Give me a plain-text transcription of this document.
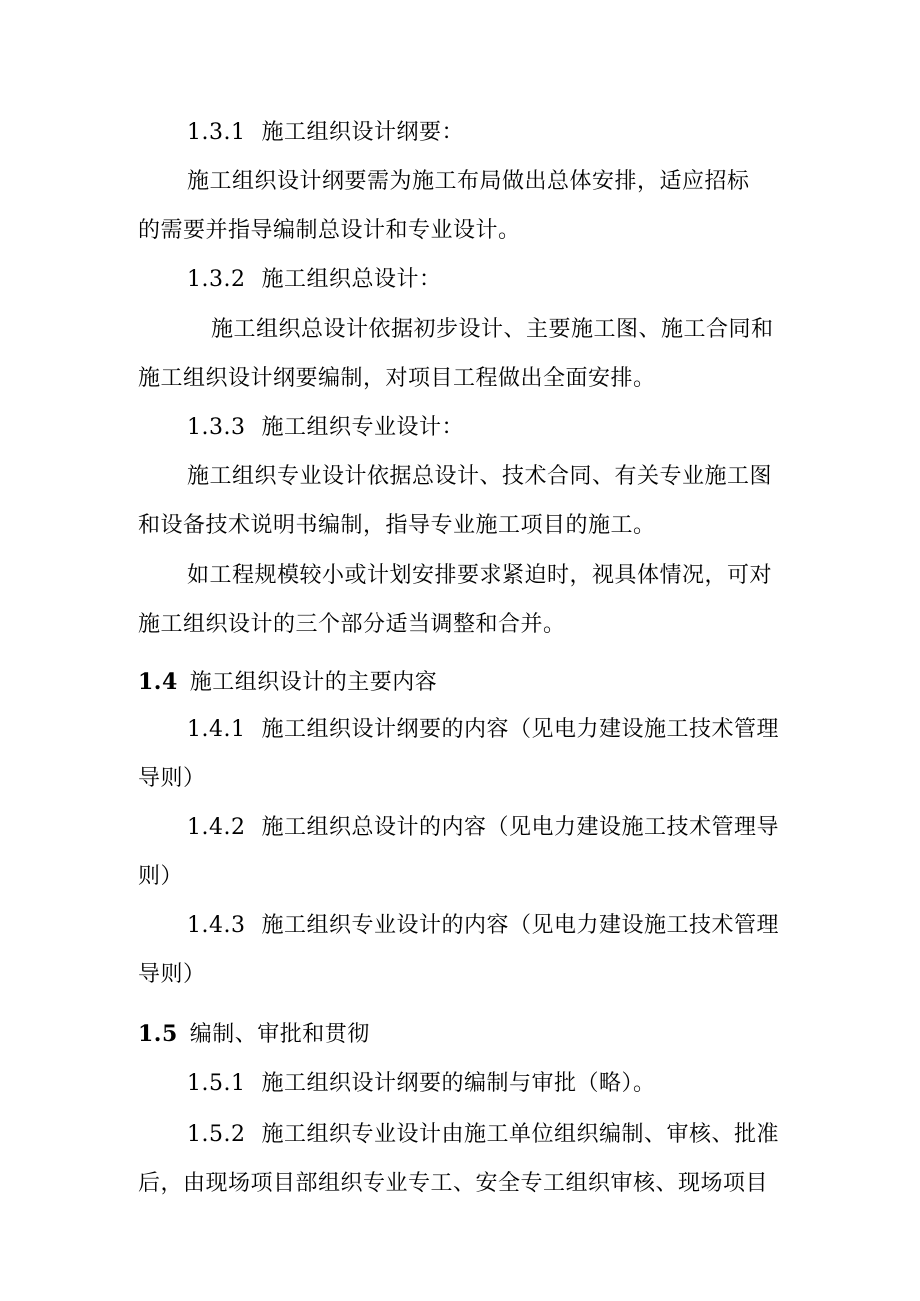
1.3.1 施工组织设计纲要：
施工组织设计纲要需为施工布局做出总体安排，适应招标
的需要并指导编制总设计和专业设计。
1.3.2 施工组织总设计：
施工组织总设计依据初步设计、主要施工图、施工合同和
施工组织设计纲要编制，对项目工程做出全面安排。
1.3.3 施工组织专业设计：
施工组织专业设计依据总设计、技术合同、有关专业施工图
和设备技术说明书编制，指导专业施工项目的施工。
如工程规模较小或计划安排要求紧迫时，视具体情况，可对
施工组织设计的三个部分适当调整和合并。
1.4 施工组织设计的主要内容
1.4.1 施工组织设计纲要的内容（见电力建设施工技术管理
导则）
1.4.2 施工组织总设计的内容（见电力建设施工技术管理导
则）
1.4.3 施工组织专业设计的内容（见电力建设施工技术管理
导则）
1.5 编制、审批和贯彻
1.5.1 施工组织设计纲要的编制与审批（略）。
1.5.2 施工组织专业设计由施工单位组织编制、审核、批准
后，由现场项目部组织专业专工、安全专工组织审核、现场项目
